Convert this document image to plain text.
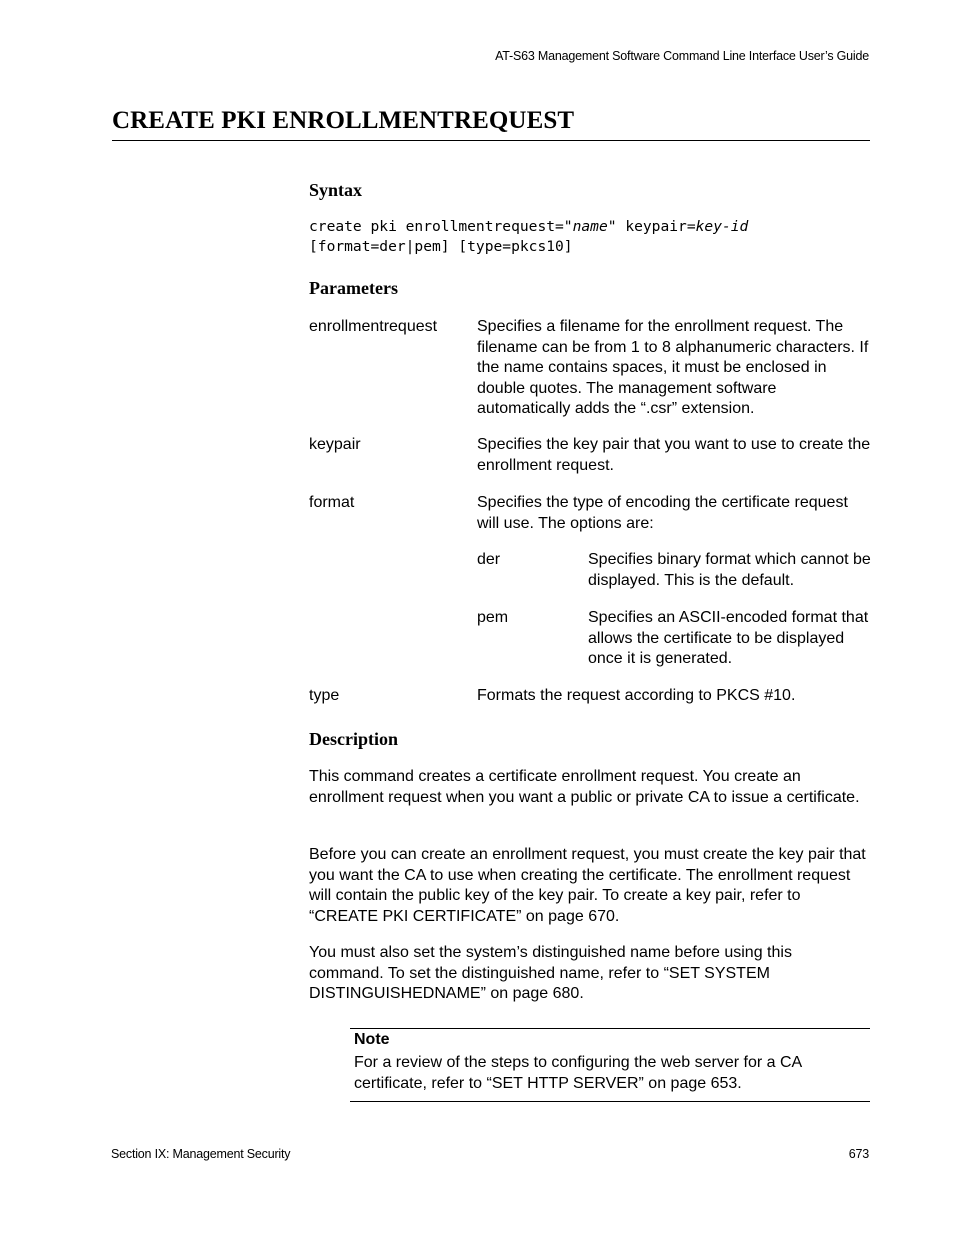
AT-S63 Management Software Command Line Interface User’s Guide
CREATE PKI ENROLLMENTREQUEST
Syntax
create pki enrollmentrequest="name" keypair=key-id
[format=der|pem] [type=pkcs10]
Parameters
enrollmentrequest Specifies a filename for the enrollment request. The filename can be from 1 to 8 alphanumeric characters. If the name contains spaces, it must be enclosed in double quotes. The management software automatically adds the “.csr” extension.
keypair	Specifies the key pair that you want to use to create the enrollment request.
format	Specifies the type of encoding the certificate request will use. The options are:
der	Specifies binary format which cannot be displayed. This is the default.
pem	Specifies an ASCII-encoded format that allows the certificate to be displayed once it is generated.
type	Formats the request according to PKCS #10.
Description
This command creates a certificate enrollment request. You create an enrollment request when you want a public or private CA to issue a certificate.
Before you can create an enrollment request, you must create the key pair that you want the CA to use when creating the certificate. The enrollment request will contain the public key of the key pair. To create a key pair, refer to “CREATE PKI CERTIFICATE” on page 670.
You must also set the system’s distinguished name before using this command. To set the distinguished name, refer to “SET SYSTEM DISTINGUISHEDNAME” on page 680.
Note
For a review of the steps to configuring the web server for a CA certificate, refer to “SET HTTP SERVER” on page 653.
Section IX: Management Security	673
